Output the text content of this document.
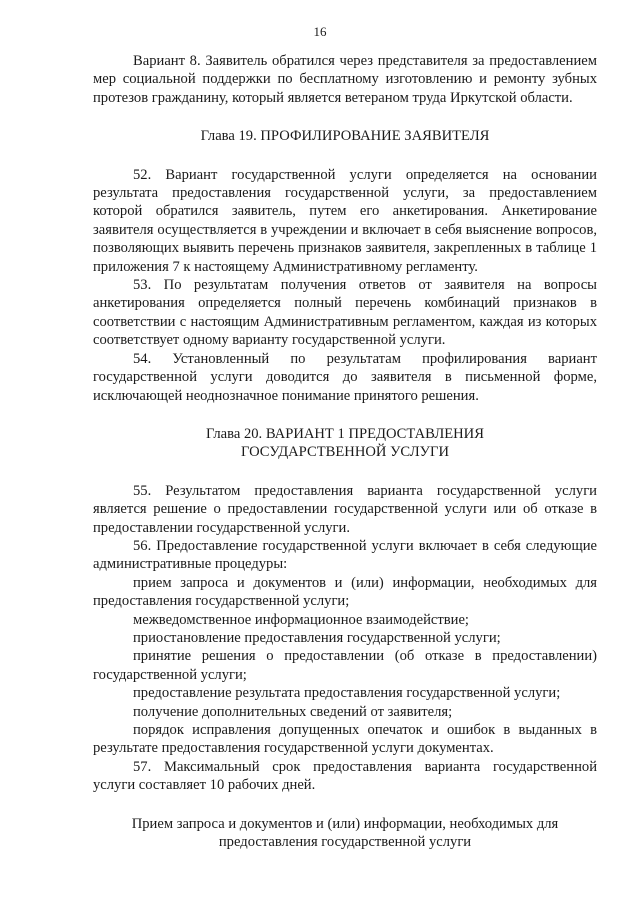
16

Вариант 8. Заявитель обратился через представителя за предоставлением мер социальной поддержки по бесплатному изготовлению и ремонту зубных протезов гражданину, который является ветераном труда Иркутской области.

Глава 19. ПРОФИЛИРОВАНИЕ ЗАЯВИТЕЛЯ

52. Вариант государственной услуги определяется на основании результата предоставления государственной услуги, за предоставлением которой обратился заявитель, путем его анкетирования. Анкетирование заявителя осуществляется в учреждении и включает в себя выяснение вопросов, позволяющих выявить перечень признаков заявителя, закрепленных в таблице 1 приложения 7 к настоящему Административному регламенту.

53. По результатам получения ответов от заявителя на вопросы анкетирования определяется полный перечень комбинаций признаков в соответствии с настоящим Административным регламентом, каждая из которых соответствует одному варианту государственной услуги.

54. Установленный по результатам профилирования вариант государственной услуги доводится до заявителя в письменной форме, исключающей неоднозначное понимание принятого решения.

Глава 20. ВАРИАНТ 1 ПРЕДОСТАВЛЕНИЯ

ГОСУДАРСТВЕННОЙ УСЛУГИ

55. Результатом предоставления варианта государственной услуги является решение о предоставлении государственной услуги или об отказе в предоставлении государственной услуги.

56. Предоставление государственной услуги включает в себя следующие административные процедуры:

прием запроса и документов и (или) информации, необходимых для предоставления государственной услуги;

межведомственное информационное взаимодействие;

приостановление предоставления государственной услуги;

принятие решения о предоставлении (об отказе в предоставлении) государственной услуги;

предоставление результата предоставления государственной услуги;

получение дополнительных сведений от заявителя;

порядок исправления допущенных опечаток и ошибок в выданных в результате предоставления государственной услуги документах.

57. Максимальный срок предоставления варианта государственной услуги составляет 10 рабочих дней.

Прием запроса и документов и (или) информации, необходимых для

предоставления государственной услуги
